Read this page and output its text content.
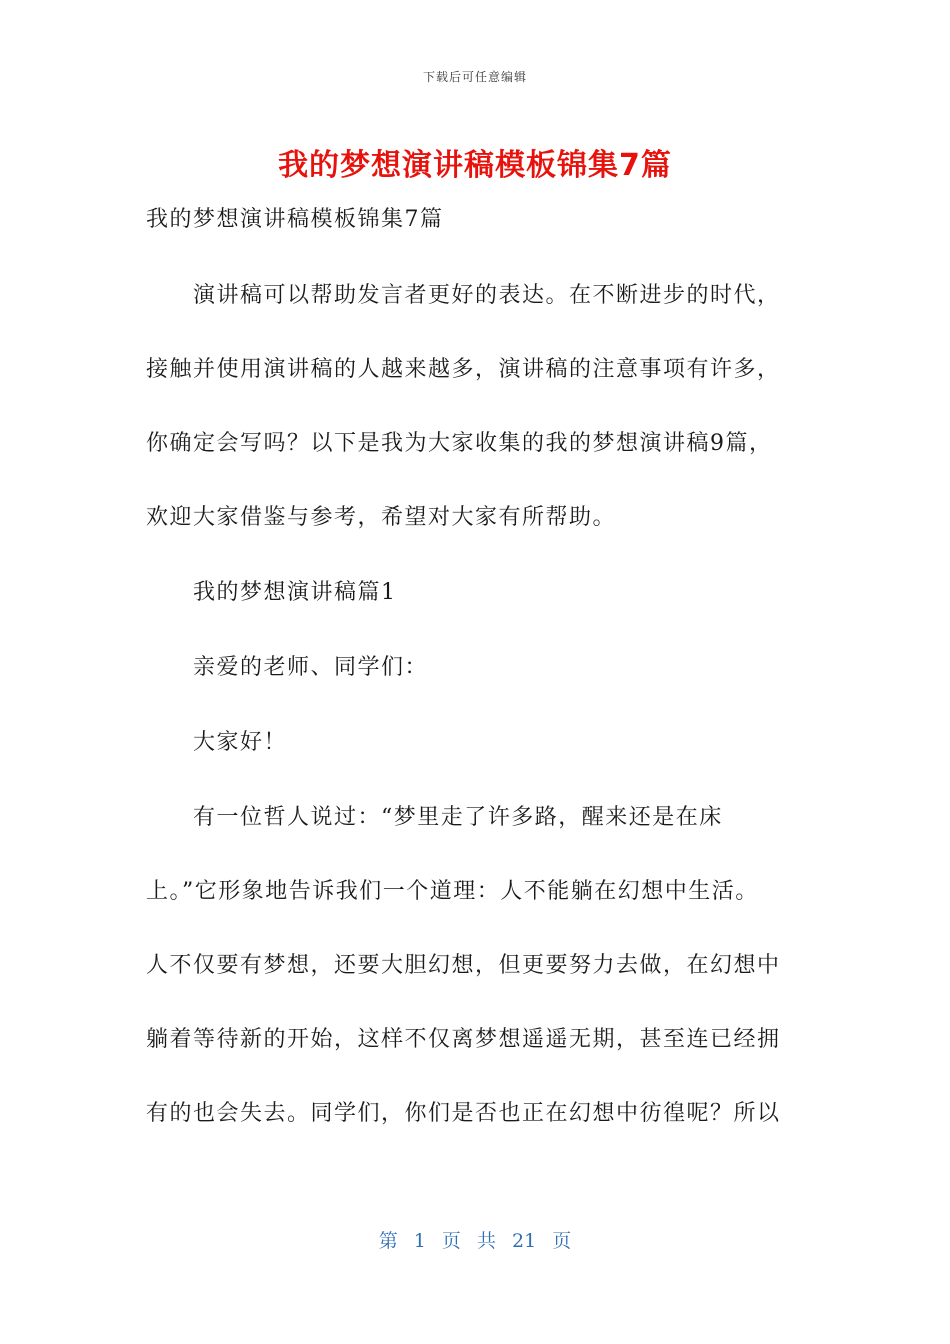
下载后可任意编辑
我的梦想演讲稿模板锦集7篇
我的梦想演讲稿模板锦集7篇
　　演讲稿可以帮助发言者更好的表达。在不断进步的时代，
接触并使用演讲稿的人越来越多，演讲稿的注意事项有许多，
你确定会写吗？以下是我为大家收集的我的梦想演讲稿9篇，
欢迎大家借鉴与参考，希望对大家有所帮助。
　　我的梦想演讲稿篇1
　　亲爱的老师、同学们：
　　大家好！
　　有一位哲人说过：“梦里走了许多路，醒来还是在床
上。”它形象地告诉我们一个道理：人不能躺在幻想中生活。
人不仅要有梦想，还要大胆幻想，但更要努力去做，在幻想中
躺着等待新的开始，这样不仅离梦想遥遥无期，甚至连已经拥
有的也会失去。同学们，你们是否也正在幻想中彷徨呢？所以
第 1 页 共 21 页
